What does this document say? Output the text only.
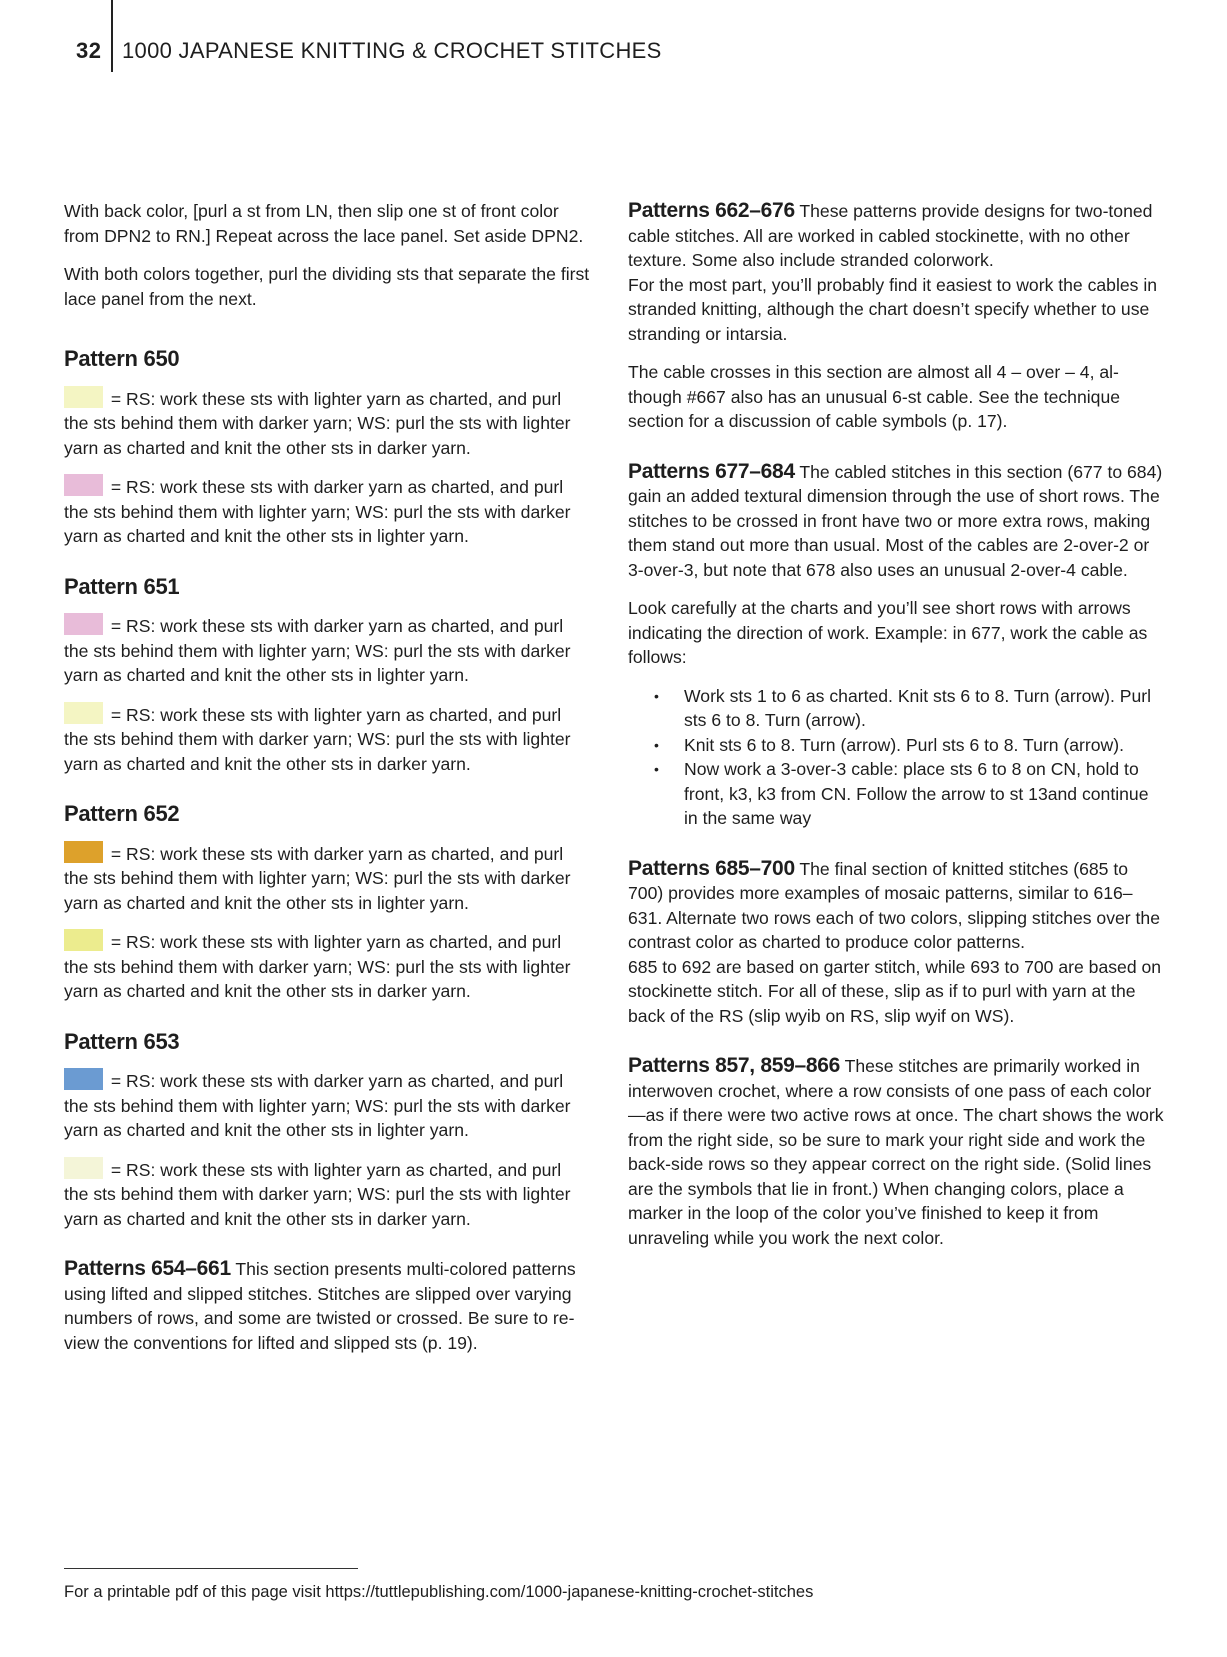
32 1000 JAPANESE KNITTING & CROCHET STITCHES

With back color, [purl a st from LN, then slip one st of front color from DPN2 to RN.] Repeat across the lace panel. Set aside DPN2.

With both colors together, purl the dividing sts that separate the first lace panel from the next.

Pattern 650

= RS: work these sts with lighter yarn as charted, and purl the sts behind them with darker yarn; WS: purl the sts with lighter yarn as charted and knit the other sts in darker yarn.

= RS: work these sts with darker yarn as charted, and purl the sts behind them with lighter yarn; WS: purl the sts with darker yarn as charted and knit the other sts in lighter yarn.

Pattern 651

= RS: work these sts with darker yarn as charted, and purl the sts behind them with lighter yarn; WS: purl the sts with darker yarn as charted and knit the other sts in lighter yarn.

= RS: work these sts with lighter yarn as charted, and purl the sts behind them with darker yarn; WS: purl the sts with lighter yarn as charted and knit the other sts in darker yarn.

Pattern 652

= RS: work these sts with darker yarn as charted, and purl the sts behind them with lighter yarn; WS: purl the sts with darker yarn as charted and knit the other sts in lighter yarn.

= RS: work these sts with lighter yarn as charted, and purl the sts behind them with darker yarn; WS: purl the sts with lighter yarn as charted and knit the other sts in darker yarn.

Pattern 653

= RS: work these sts with darker yarn as charted, and purl the sts behind them with lighter yarn; WS: purl the sts with darker yarn as charted and knit the other sts in lighter yarn.

= RS: work these sts with lighter yarn as charted, and purl the sts behind them with darker yarn; WS: purl the sts with lighter yarn as charted and knit the other sts in darker yarn.

Patterns 654–661 This section presents multi-colored patterns using lifted and slipped stitches. Stitches are slipped over varying numbers of rows, and some are twisted or crossed. Be sure to re-view the conventions for lifted and slipped sts (p. 19).

Patterns 662–676 These patterns provide designs for two-toned cable stitches. All are worked in cabled stockinette, with no other texture. Some also include stranded colorwork.

For the most part, you’ll probably find it easiest to work the cables in stranded knitting, although the chart doesn’t specify whether to use stranding or intarsia.

The cable crosses in this section are almost all 4 – over – 4, al-though #667 also has an unusual 6-st cable. See the technique section for a discussion of cable symbols (p. 17).

Patterns 677–684 The cabled stitches in this section (677 to 684) gain an added textural dimension through the use of short rows. The stitches to be crossed in front have two or more extra rows, making them stand out more than usual. Most of the cables are 2-over-2 or 3-over-3, but note that 678 also uses an unusual 2-over-4 cable.

Look carefully at the charts and you’ll see short rows with arrows indicating the direction of work. Example: in 677, work the cable as follows:

• Work sts 1 to 6 as charted. Knit sts 6 to 8. Turn (arrow). Purl sts 6 to 8. Turn (arrow).
• Knit sts 6 to 8. Turn (arrow). Purl sts 6 to 8. Turn (arrow).
• Now work a 3-over-3 cable: place sts 6 to 8 on CN, hold to front, k3, k3 from CN. Follow the arrow to st 13and continue in the same way

Patterns 685–700 The final section of knitted stitches (685 to 700) provides more examples of mosaic patterns, similar to 616–631. Alternate two rows each of two colors, slipping stitches over the contrast color as charted to produce color patterns.

685 to 692 are based on garter stitch, while 693 to 700 are based on stockinette stitch. For all of these, slip as if to purl with yarn at the back of the RS (slip wyib on RS, slip wyif on WS).

Patterns 857, 859–866 These stitches are primarily worked in interwoven crochet, where a row consists of one pass of each color—as if there were two active rows at once. The chart shows the work from the right side, so be sure to mark your right side and work the back-side rows so they appear correct on the right side. (Solid lines are the symbols that lie in front.) When changing colors, place a marker in the loop of the color you’ve finished to keep it from unraveling while you work the next color.

For a printable pdf of this page visit https://tuttlepublishing.com/1000-japanese-knitting-crochet-stitches
